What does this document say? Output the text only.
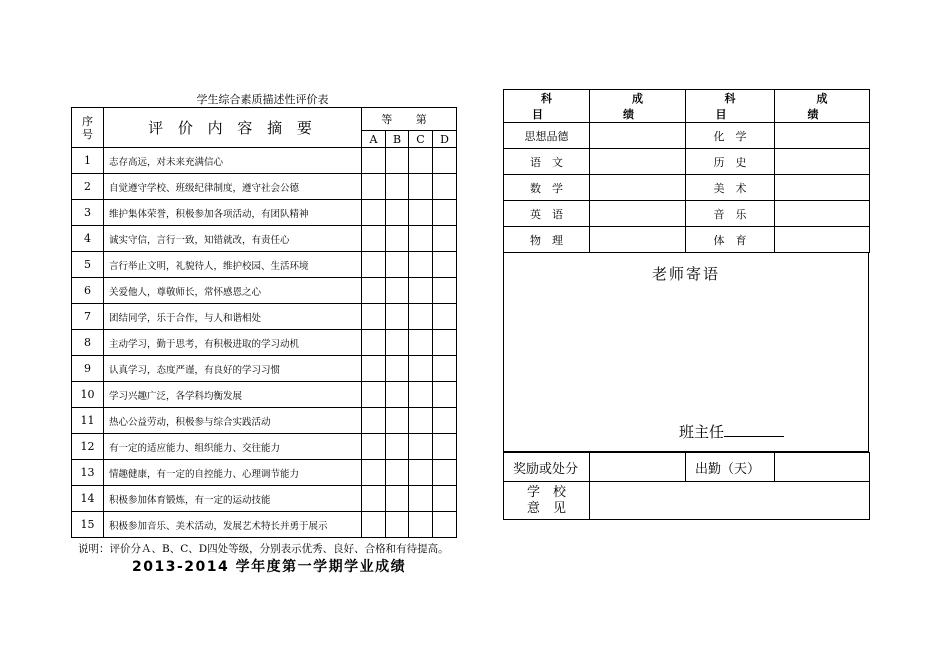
学生综合素质描述性评价表
序
号	评 价 内 容 摘 要	等 第			
		A	B	C	D
1	志存高远，对未来充满信心				
2	自觉遵守学校、班级纪律制度，遵守社会公德				
3	维护集体荣誉，积极参加各项活动，有团队精神				
4	诚实守信，言行一致，知错就改，有责任心				
5	言行举止文明，礼貌待人，维护校园、生活环境				
6	关爱他人，尊敬师长，常怀感恩之心				
7	团结同学，乐于合作，与人和谐相处				
8	主动学习，勤于思考，有积极进取的学习动机				
9	认真学习，态度严谨，有良好的学习习惯				
10	学习兴趣广泛，各学科均衡发展				
11	热心公益劳动，积极参与综合实践活动				
12	有一定的适应能力、组织能力、交往能力				
13	情趣健康，有一定的自控能力、心理调节能力				
14	积极参加体育锻炼，有一定的运动技能				
15	积极参加音乐、美术活动，发展艺术特长并勇于展示				
说明：评价分Ａ、B、C、D四处等级，分别表示优秀、良好、合格和有待提高。
2013-2014 学年度第一学期学业成绩
科　目	成　绩	科　目	成　绩
思想品德		化　学	
语　文		历　史	
数　学		美　术	
英　语		音　乐	
物　理		体　育	
老师寄语
班主任
奖励或处分		出勤（天）	

学　校
意　见			
